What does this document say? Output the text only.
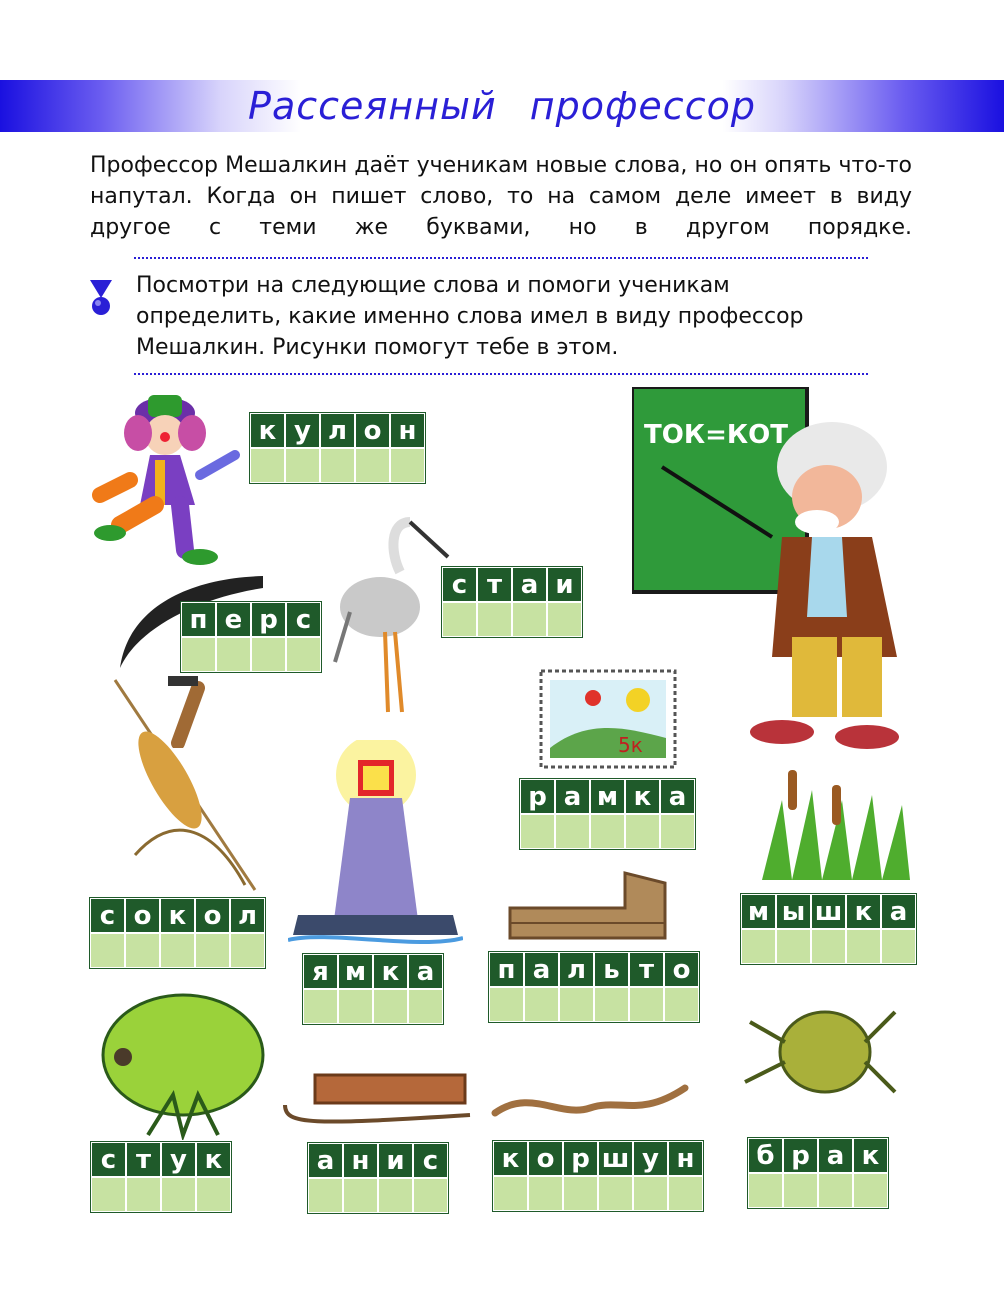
Рассеянный профессор
Профессор Мешалкин даёт ученикам новые слова, но он опять что-то напутал. Когда он пишет слово, то на самом деле имеет в виду другое с теми же буквами, но в другом порядке.
Посмотри на следующие слова и помоги ученикам определить, какие именно слова имел в виду профессор Мешалкин. Рисунки помогут тебе в этом.
ТОК=КОТ
5к
к у л о н
п е р с
с т а и
р а м к а
с о к о л
я м к а	п а л ь т о
м ы ш к а
с т у к	а н и с	к о р ш у н	б р а к
